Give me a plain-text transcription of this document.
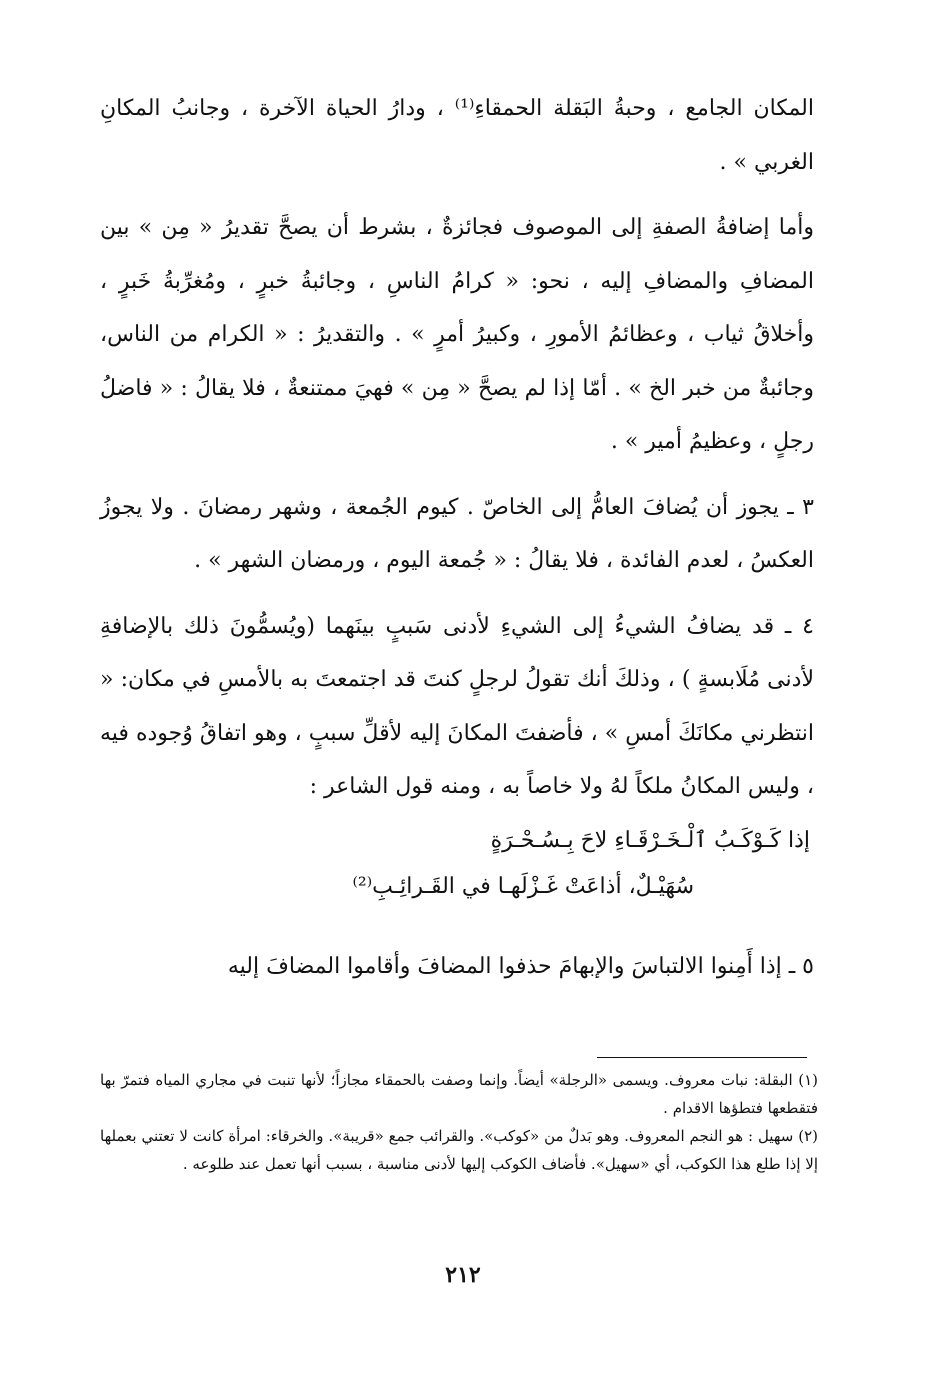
المكان الجامع ، وحبةُ البَقلة الحمقاءِ⁽¹⁾ ، ودارُ الحياة الآخرة ، وجانبُ المكانِ الغربي » .

وأما إضافةُ الصفةِ إلى الموصوف فجائزةٌ ، بشرط أن يصحَّ تقديرُ « مِن » بين المضافِ والمضافِ إليه ، نحو: « كرامُ الناسِ ، وجائبةُ خبرٍ ، ومُغرِّبةُ خَبرٍ ، وأخلاقُ ثياب ، وعظائمُ الأمورِ ، وكبيرُ أمرٍ » . والتقديرُ : « الكرام من الناس، وجائبةٌ من خبر الخ » . أمّا إذا لم يصحَّ « مِن » فهيَ ممتنعةٌ ، فلا يقالُ : « فاضلُ رجلٍ ، وعظيمُ أمير » .

٣ ـ يجوز أن يُضافَ العامُّ إلى الخاصّ . كيوم الجُمعة ، وشهر رمضانَ . ولا يجوزُ العكسُ ، لعدم الفائدة ، فلا يقالُ : « جُمعة اليوم ، ورمضان الشهر » .

٤ ـ قد يضافُ الشيءُ إلى الشيءِ لأدنى سَببٍ بينَهما (ويُسمُّونَ ذلك بالإضافةِ لأدنى مُلَابسةٍ ) ، وذلكَ أنك تقولُ لرجلٍ كنتَ قد اجتمعتَ به بالأمسِ في مكان: « انتظرني مكانَكَ أمسِ » ، فأضفتَ المكانَ إليه لأقلِّ سببٍ ، وهو اتفاقُ وُجوده فيه ، وليس المكانُ ملكاً لهُ ولا خاصاً به ، ومنه قول الشاعر :

إذا كَـوْكَـبُ ٱلْـخَـرْقَـاءِ لاحَ بِـسُـحْـرَةٍ
سُهَيْـلٌ، أذاعَتْ غَـزْلَهـا في القَـرائِـبِ⁽²⁾

٥ ـ إذا أَمِنوا الالتباسَ والإبهامَ حذفوا المضافَ وأقاموا المضافَ إليه

(١) البقلة: نبات معروف. ويسمى «الرجلة» أيضاً. وإنما وصفت بالحمقاء مجازاً؛ لأنها تنبت في مجاري المياه فتمرّ بها فتقطعها فتطؤها الاقدام .

(٢) سهيل : هو النجم المعروف. وهو بَدلٌ من «كوكب». والقرائب جمع «قريبة». والخرقاء: امرأة كانت لا تعتني بعملها إلا إذا طلع هذا الكوكب، أي «سهيل». فأضاف الكوكب إليها لأدنى مناسبة ، بسبب أنها تعمل عند طلوعه .

٢١٢
